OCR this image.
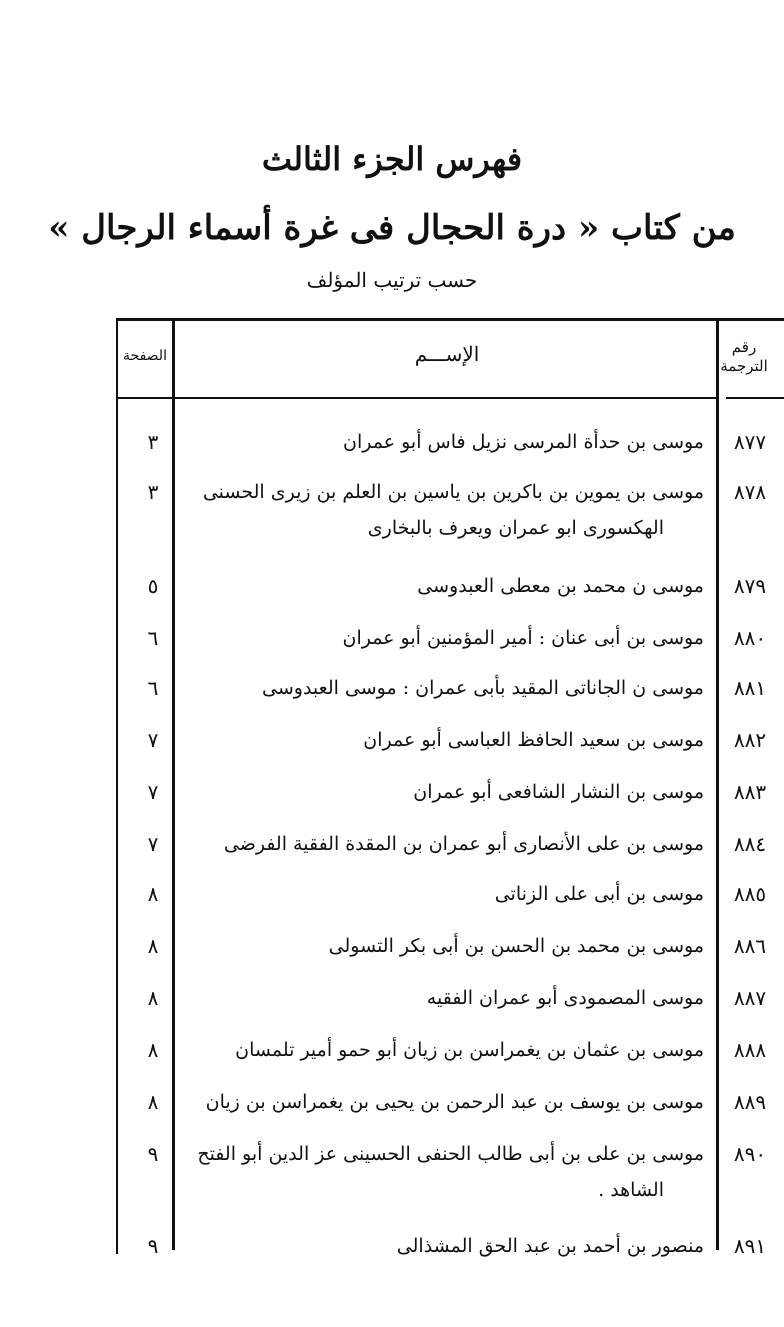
فهرس الجزء الثالث
من كتاب « درة الحجال فى غرة أسماء الرجال »
حسب ترتيب المؤلف
رقم
الترجمة
الإســـم
الصفحة
٨٧٧
موسى بن حدأة المرسى نزيل فاس أبو عمران
٣
٨٧٨
موسى بن يموين بن باكرين بن ياسين بن العلم بن زيرى الحسنى
الهكسورى ابو عمران ويعرف بالبخارى
٣
٨٧٩
موسى ن محمد بن معطى العبدوسى
٥
٨٨٠
موسى بن أبى عنان : أمير المؤمنين أبو عمران
٦
٨٨١
موسى ن الجاناتى المقيد بأبى عمران : موسى العبدوسى
٦
٨٨٢
موسى بن سعيد الحافظ العباسى أبو عمران
٧
٨٨٣
موسى بن النشار الشافعى أبو عمران
٧
٨٨٤
موسى بن على الأنصارى أبو عمران بن المقدة الفقية الفرضى
٧
٨٨٥
موسى بن أبى على الزناتى
٨
٨٨٦
موسى بن محمد بن الحسن بن أبى بكر التسولى
٨
٨٨٧
موسى المصمودى أبو عمران الفقيه
٨
٨٨٨
موسى بن عثمان بن يغمراسن بن زيان أبو حمو أمير تلمسان
٨
٨٨٩
موسى بن يوسف بن عبد الرحمن بن يحيى بن يغمراسن بن زيان
٨
٨٩٠
موسى بن على بن أبى طالب الحنفى الحسينى عز الدين أبو الفتح
الشاهد .
٩
٨٩١
منصور بن أحمد بن عبد الحق المشذالى
٩
